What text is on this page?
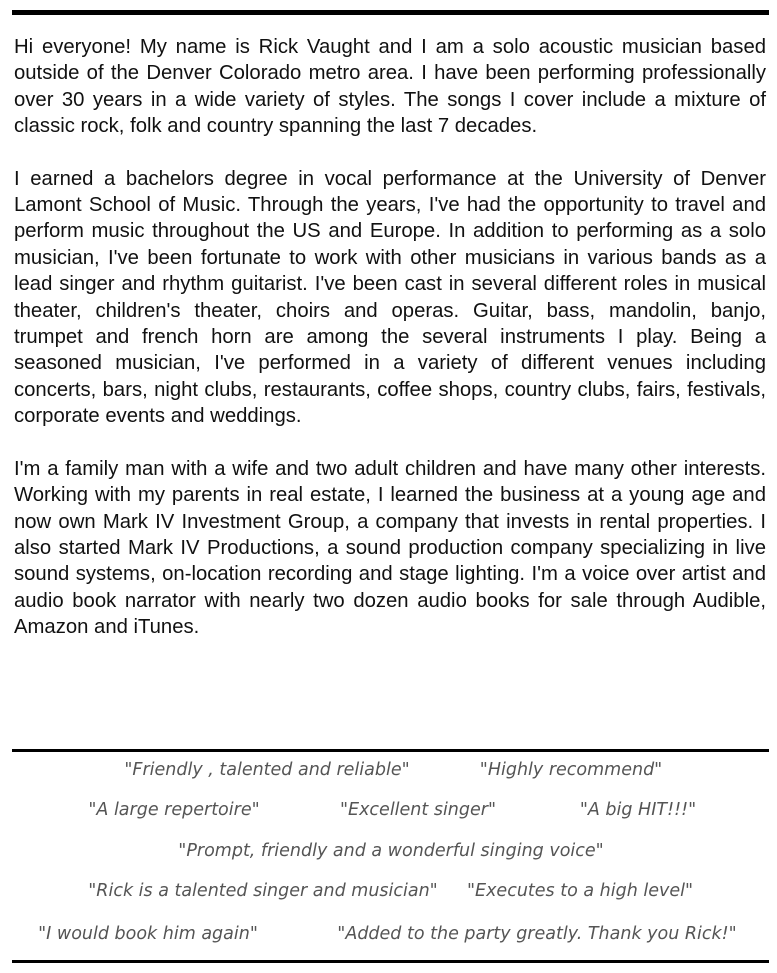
Hi everyone! My name is Rick Vaught and I am a solo acoustic musician based outside of the Denver Colorado metro area. I have been performing professionally over 30 years in a wide variety of styles. The songs I cover include a mixture of classic rock, folk and country spanning the last 7 decades.

I earned a bachelors degree in vocal performance at the University of Denver Lamont School of Music. Through the years, I've had the opportunity to travel and perform music throughout the US and Europe. In addition to performing as a solo musician, I've been fortunate to work with other musicians in various bands as a lead singer and rhythm guitarist. I've been cast in several different roles in musical theater, children's theater, choirs and operas. Guitar, bass, mandolin, banjo, trumpet and french horn are among the several instruments I play. Being a seasoned musician, I've performed in a variety of different venues including concerts, bars, night clubs, restaurants, coffee shops, country clubs, fairs, festivals, corporate events and weddings.

I'm a family man with a wife and two adult children and have many other interests. Working with my parents in real estate, I learned the business at a young age and now own Mark IV Investment Group, a company that invests in rental properties. I also started Mark IV Productions, a sound production company specializing in live sound systems, on-location recording and stage lighting. I'm a voice over artist and audio book narrator with nearly two dozen audio books for sale through Audible, Amazon and iTunes.

"Friendly , talented and reliable"	"Highly recommend"
"A large repertoire"	"Excellent singer"	"A big HIT!!!"
"Prompt, friendly and a wonderful singing voice"
"Rick is a talented singer and musician" "Executes to a high level"
"I would book him again"	"Added to the party greatly. Thank you Rick!"
